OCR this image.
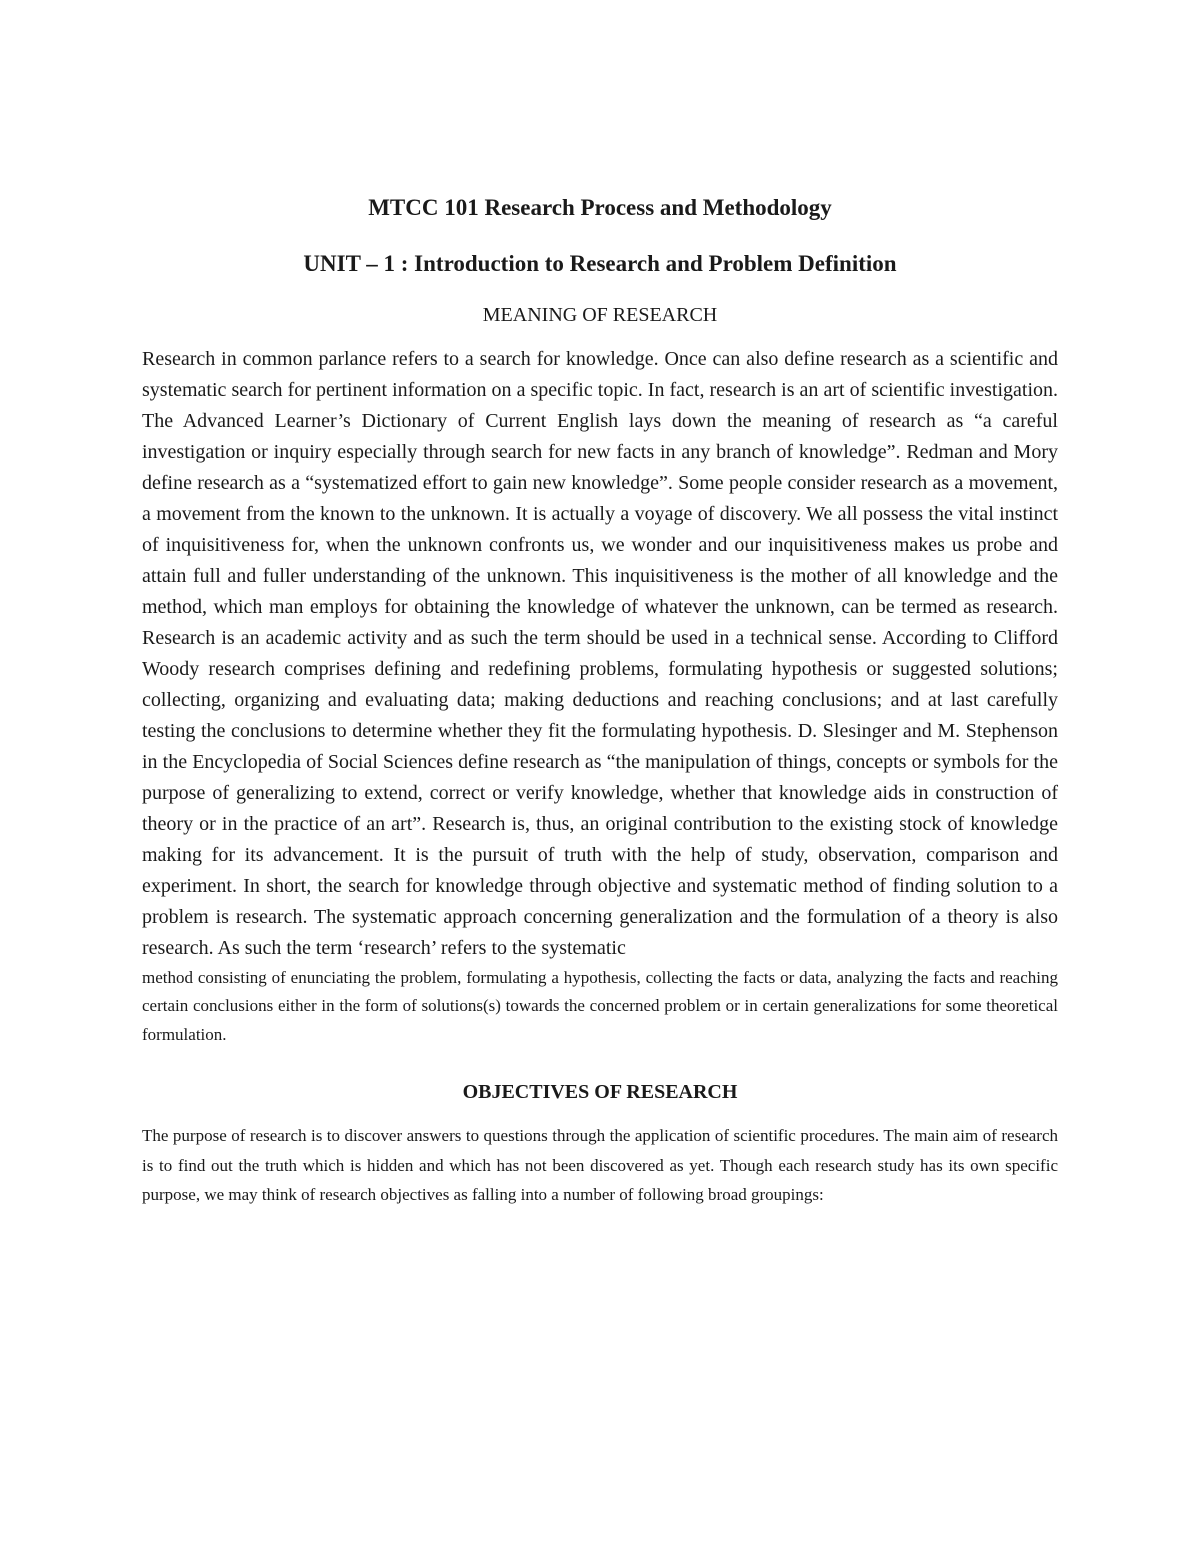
MTCC 101 Research Process and Methodology
UNIT – 1 : Introduction to Research and Problem Definition
MEANING OF RESEARCH

Research in common parlance refers to a search for knowledge. Once can also define research as a scientific and systematic search for pertinent information on a specific topic. In fact, research is an art of scientific investigation. The Advanced Learner’s Dictionary of Current English lays down the meaning of research as “a careful investigation or inquiry especially through search for new facts in any branch of knowledge”. Redman and Mory define research as a “systematized effort to gain new knowledge”. Some people consider research as a movement, a movement from the known to the unknown. It is actually a voyage of discovery. We all possess the vital instinct of inquisitiveness for, when the unknown confronts us, we wonder and our inquisitiveness makes us probe and attain full and fuller understanding of the unknown. This inquisitiveness is the mother of all knowledge and the method, which man employs for obtaining the knowledge of whatever the unknown, can be termed as research. Research is an academic activity and as such the term should be used in a technical sense. According to Clifford Woody research comprises defining and redefining problems, formulating hypothesis or suggested solutions; collecting, organizing and evaluating data; making deductions and reaching conclusions; and at last carefully testing the conclusions to determine whether they fit the formulating hypothesis. D. Slesinger and M. Stephenson in the Encyclopedia of Social Sciences define research as “the manipulation of things, concepts or symbols for the purpose of generalizing to extend, correct or verify knowledge, whether that knowledge aids in construction of theory or in the practice of an art”. Research is, thus, an original contribution to the existing stock of knowledge making for its advancement. It is the pursuit of truth with the help of study, observation, comparison and experiment. In short, the search for knowledge through objective and systematic method of finding solution to a problem is research. The systematic approach concerning generalization and the formulation of a theory is also research. As such the term ‘research’ refers to the systematic

method consisting of enunciating the problem, formulating a hypothesis, collecting the facts or data, analyzing the facts and reaching certain conclusions either in the form of solutions(s) towards the concerned problem or in certain generalizations for some theoretical formulation.

OBJECTIVES OF RESEARCH

The purpose of research is to discover answers to questions through the application of scientific procedures. The main aim of research is to find out the truth which is hidden and which has not been discovered as yet. Though each research study has its own specific purpose, we may think of research objectives as falling into a number of following broad groupings:
